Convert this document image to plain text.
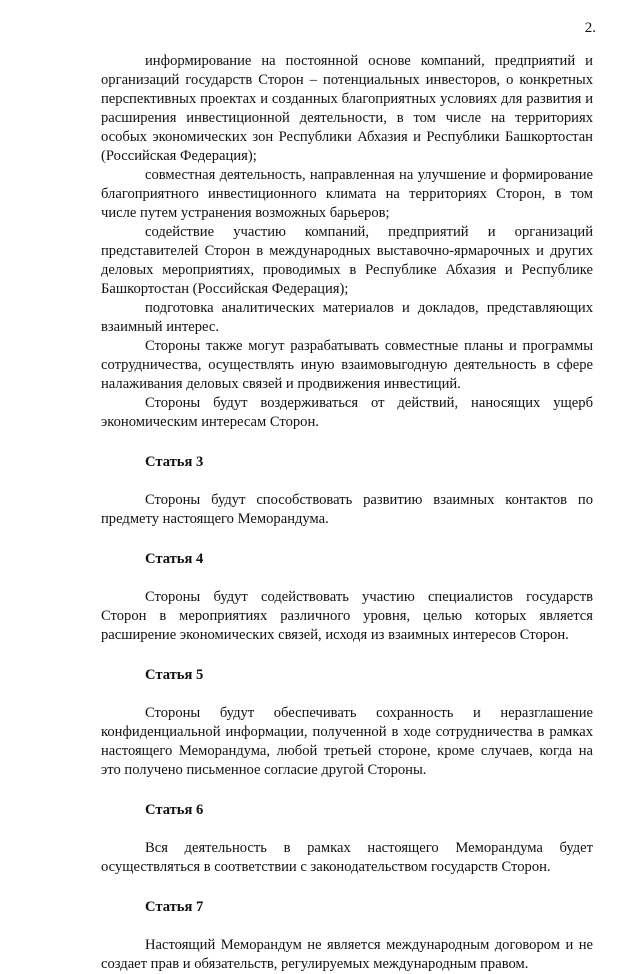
2.

информирование на постоянной основе компаний, предприятий и организаций государств Сторон – потенциальных инвесторов, о конкретных перспективных проектах и созданных благоприятных условиях для развития и расширения инвестиционной деятельности, в том числе на территориях особых экономических зон Республики Абхазия и Республики Башкортостан (Российская Федерация);

совместная деятельность, направленная на улучшение и формирование благоприятного инвестиционного климата на территориях Сторон, в том числе путем устранения возможных барьеров;

содействие участию компаний, предприятий и организаций представителей Сторон в международных выставочно-ярмарочных и других деловых мероприятиях, проводимых в Республике Абхазия и Республике Башкортостан (Российская Федерация);

подготовка аналитических материалов и докладов, представляющих взаимный интерес.

Стороны также могут разрабатывать совместные планы и программы сотрудничества, осуществлять иную взаимовыгодную деятельность в сфере налаживания деловых связей и продвижения инвестиций.

Стороны будут воздерживаться от действий, наносящих ущерб экономическим интересам Сторон.

Статья 3

Стороны будут способствовать развитию взаимных контактов по предмету настоящего Меморандума.

Статья 4

Стороны будут содействовать участию специалистов государств Сторон в мероприятиях различного уровня, целью которых является расширение экономических связей, исходя из взаимных интересов Сторон.

Статья 5

Стороны будут обеспечивать сохранность и неразглашение конфиденциальной информации, полученной в ходе сотрудничества в рамках настоящего Меморандума, любой третьей стороне, кроме случаев, когда на это получено письменное согласие другой Стороны.

Статья 6

Вся деятельность в рамках настоящего Меморандума будет осуществляться в соответствии с законодательством государств Сторон.

Статья 7

Настоящий Меморандум не является международным договором и не создает прав и обязательств, регулируемых международным правом.
